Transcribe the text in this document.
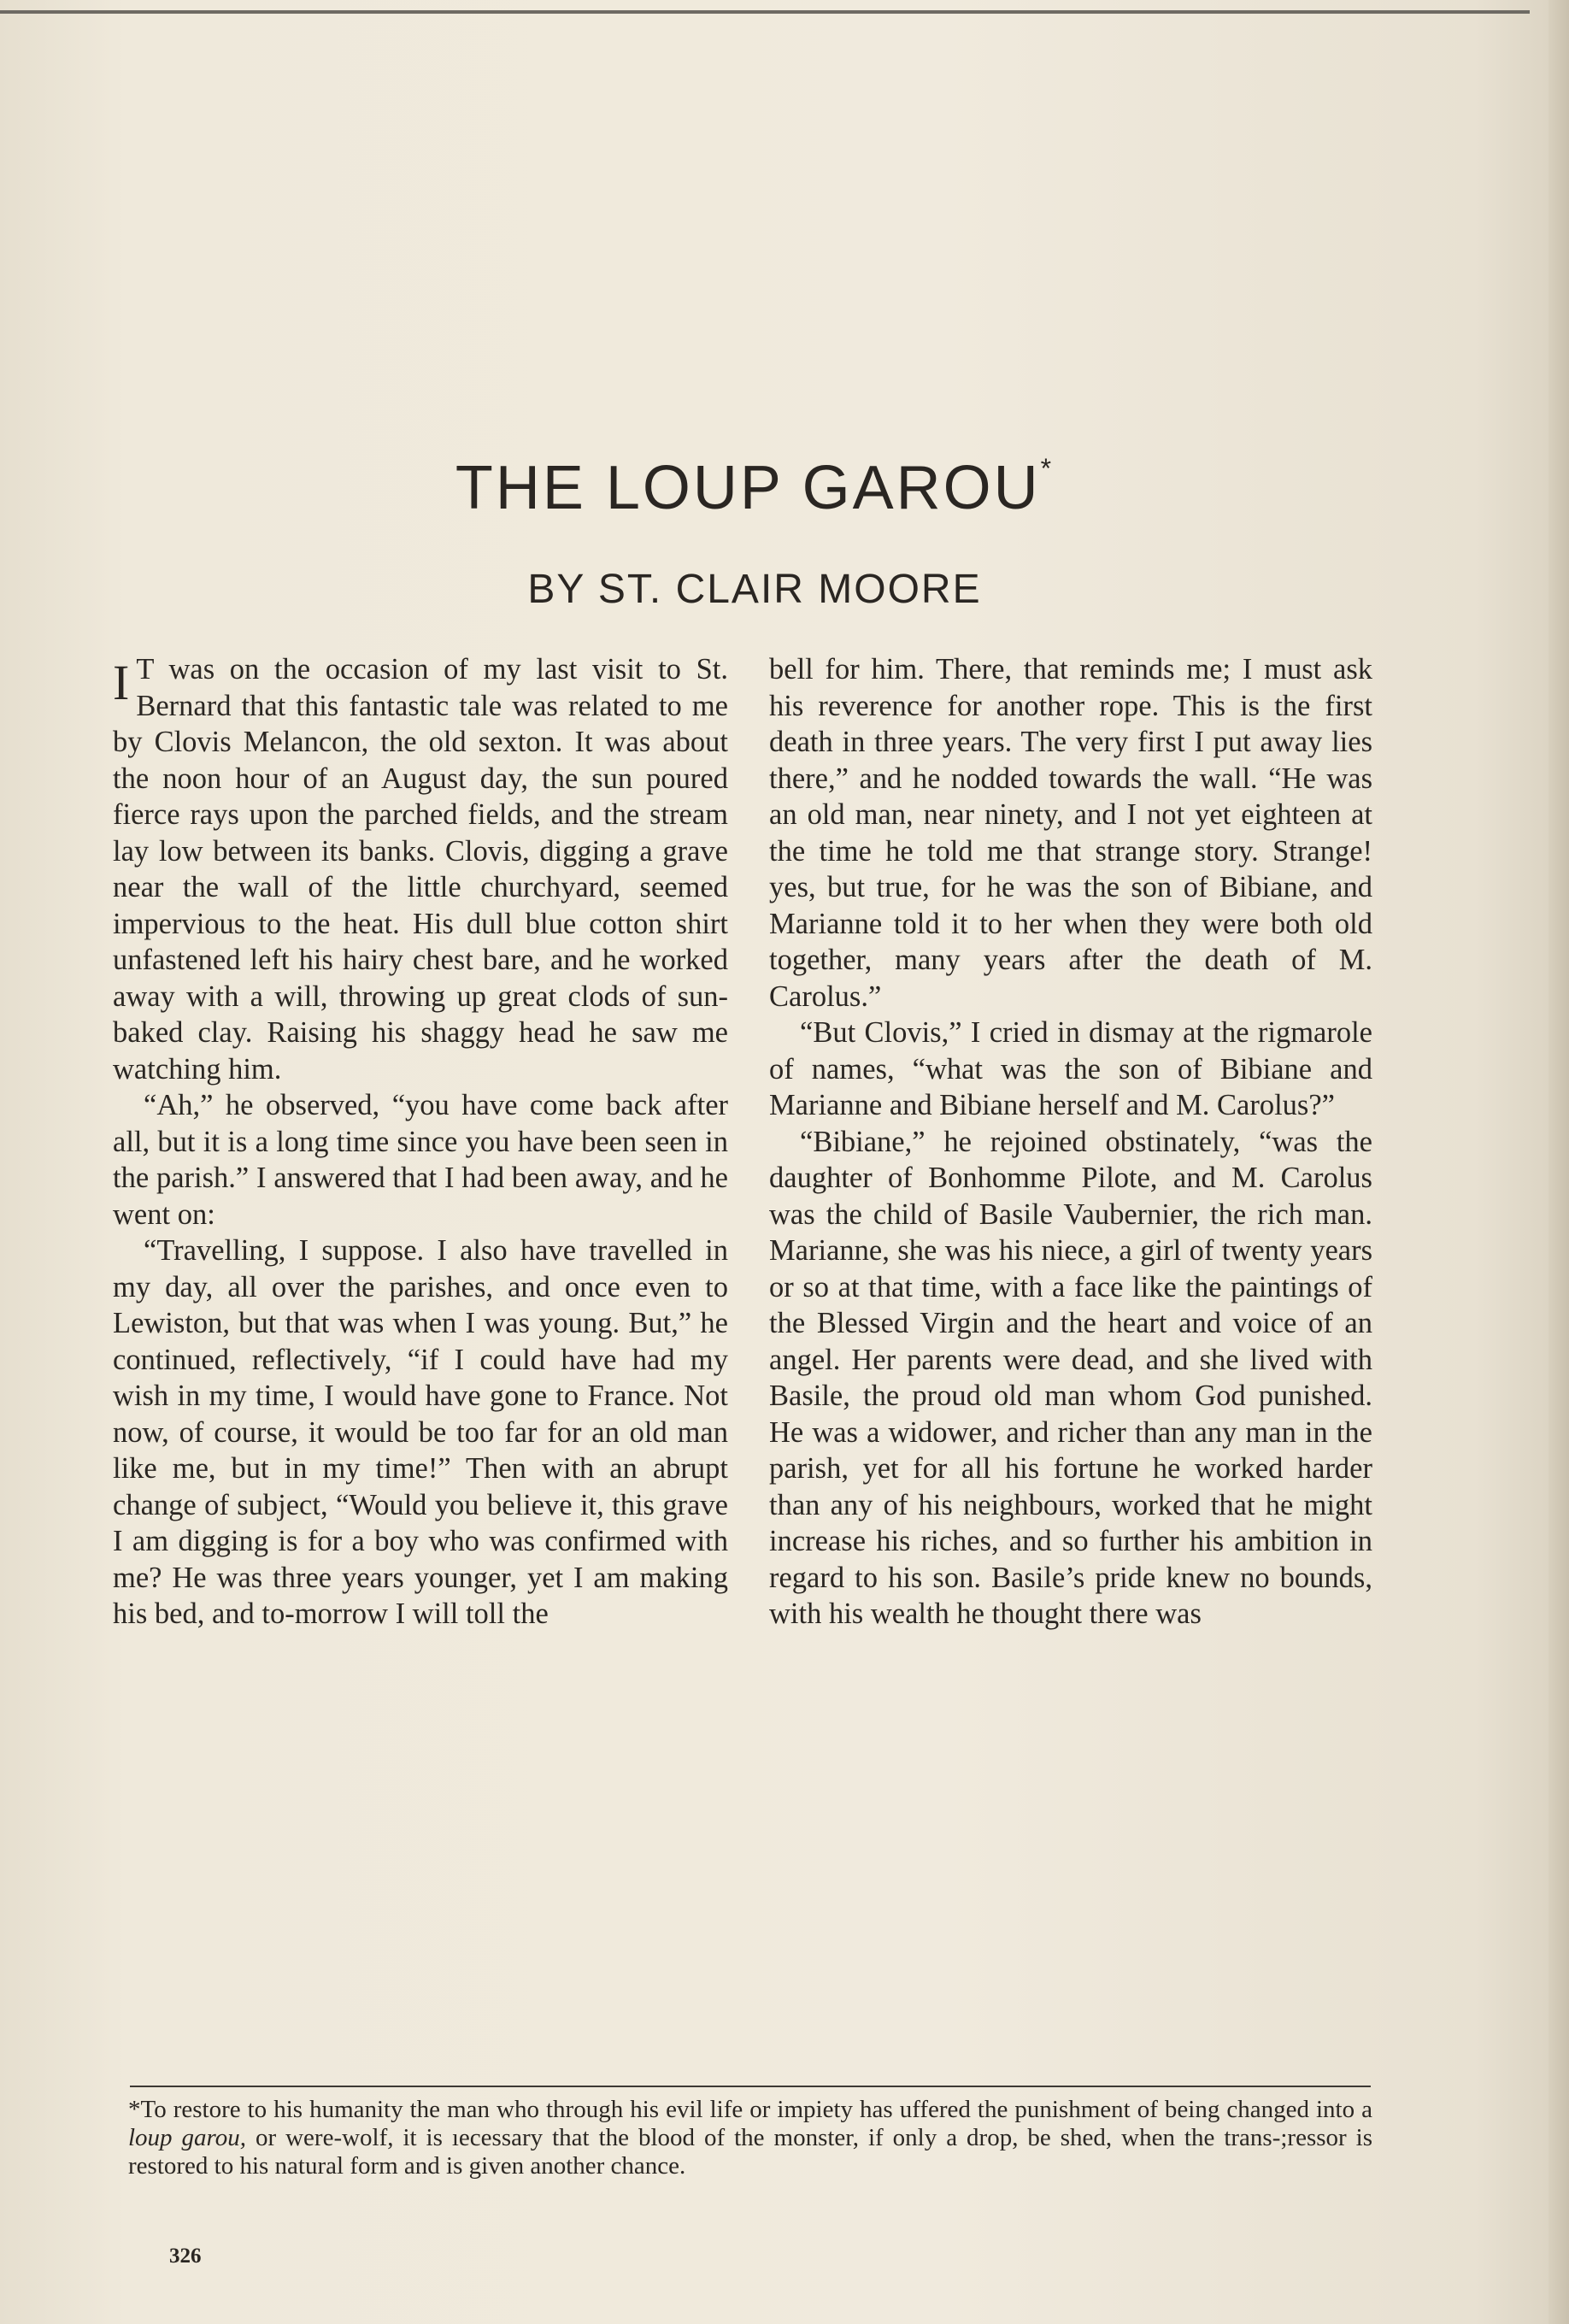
THE LOUP GAROU*
BY ST. CLAIR MOORE

I T was on the occasion of my last visit to St. Bernard that this fantastic tale was related to me by Clovis Melancon, the old sexton. It was about the noon hour of an August day, the sun poured fierce rays upon the parched fields, and the stream lay low between its banks. Clovis, digging a grave near the wall of the little churchyard, seemed impervious to the heat. His dull blue cotton shirt unfastened left his hairy chest bare, and he worked away with a will, throwing up great clods of sun-baked clay. Raising his shaggy head he saw me watching him.

“Ah,” he observed, “you have come back after all, but it is a long time since you have been seen in the parish.” I answered that I had been away, and he went on:

“Travelling, I suppose. I also have travelled in my day, all over the parishes, and once even to Lewiston, but that was when I was young. But,” he continued, reflectively, “if I could have had my wish in my time, I would have gone to France. Not now, of course, it would be too far for an old man like me, but in my time!” Then with an abrupt change of subject, “Would you believe it, this grave I am digging is for a boy who was confirmed with me? He was three years younger, yet I am making his bed, and to-morrow I will toll the

bell for him. There, that reminds me; I must ask his reverence for another rope. This is the first death in three years. The very first I put away lies there,” and he nodded towards the wall. “He was an old man, near ninety, and I not yet eighteen at the time he told me that strange story. Strange! yes, but true, for he was the son of Bibiane, and Marianne told it to her when they were both old together, many years after the death of M. Carolus.”

“But Clovis,” I cried in dismay at the rigmarole of names, “what was the son of Bibiane and Marianne and Bibiane herself and M. Carolus?”

“Bibiane,” he rejoined obstinately, “was the daughter of Bonhomme Pilote, and M. Carolus was the child of Basile Vaubernier, the rich man. Marianne, she was his niece, a girl of twenty years or so at that time, with a face like the paintings of the Blessed Virgin and the heart and voice of an angel. Her parents were dead, and she lived with Basile, the proud old man whom God punished. He was a widower, and richer than any man in the parish, yet for all his fortune he worked harder than any of his neighbours, worked that he might increase his riches, and so further his ambition in regard to his son. Basile’s pride knew no bounds, with his wealth he thought there was

*To restore to his humanity the man who through his evil life or impiety has uffered the punishment of being changed into a loup garou, or were-wolf, it is ıecessary that the blood of the monster, if only a drop, be shed, when the trans-;ressor is restored to his natural form and is given another chance.

326
